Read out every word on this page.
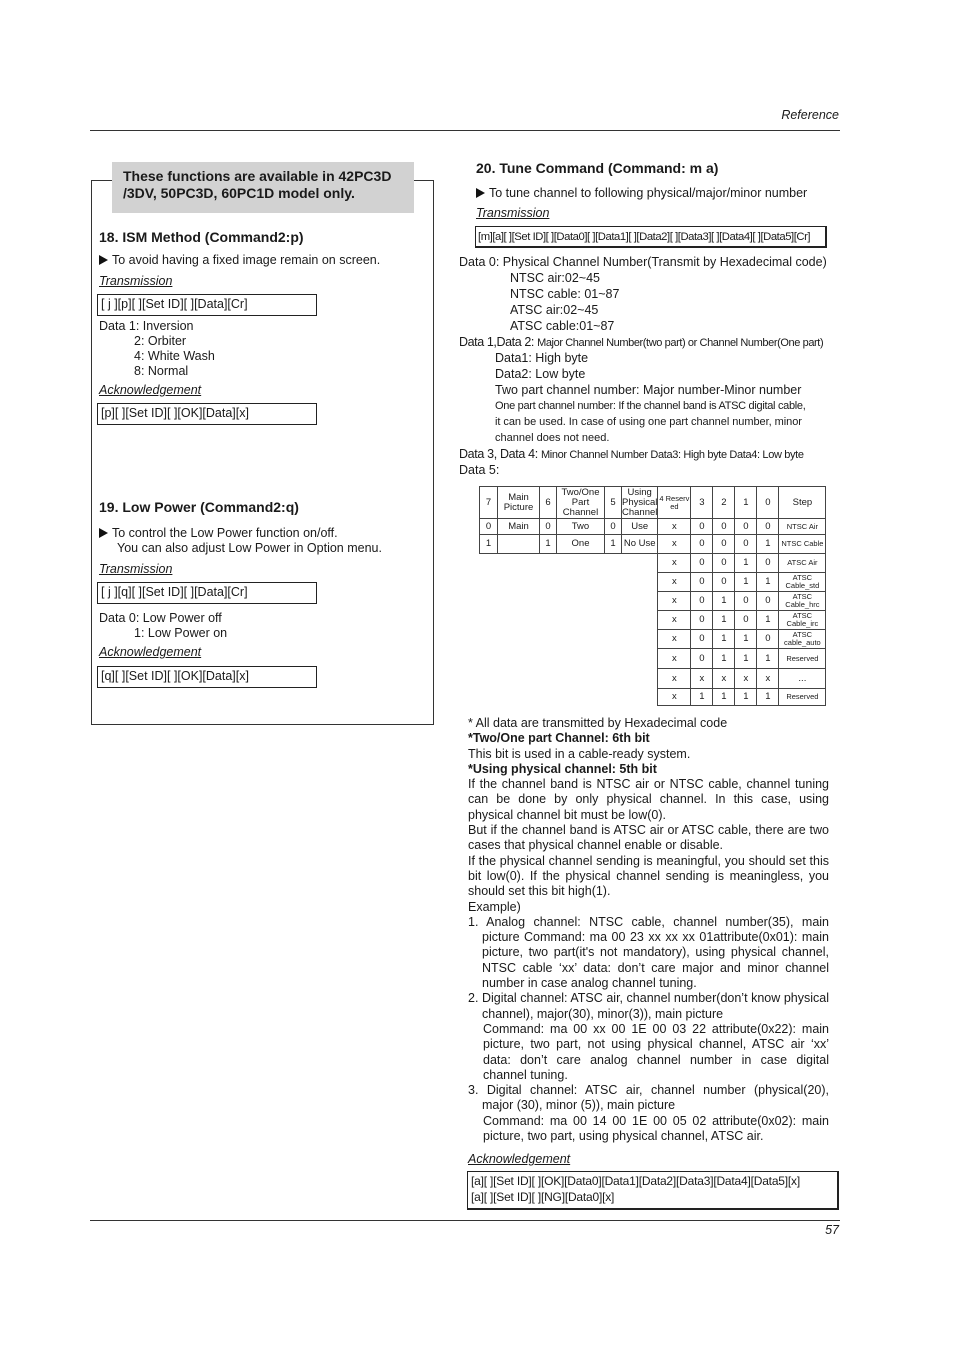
Reference
These functions are available in 42PC3D /3DV, 50PC3D, 60PC1D model only.
18. ISM Method (Command2:p)
To avoid having a fixed image remain on screen.
Transmission
[ j ][p][ ][Set ID][ ][Data][Cr]
Data 1: Inversion
2: Orbiter
4: White Wash
8: Normal
Acknowledgement
[p][ ][Set ID][ ][OK][Data][x]
19. Low Power (Command2:q)
To control the Low Power function on/off.
You can also adjust Low Power in Option menu.
Transmission
[ j ][q][ ][Set ID][ ][Data][Cr]
Data 0: Low Power off
1: Low Power on
Acknowledgement
[q][ ][Set ID][ ][OK][Data][x]
20. Tune Command (Command: m a)
To tune channel to following physical/major/minor number
Transmission
[m][a][ ][Set ID][ ][Data0][ ][Data1][ ][Data2][ ][Data3][ ][Data4][ ][Data5][Cr]
Data 0: Physical Channel Number(Transmit by Hexadecimal code)
NTSC air:02~45
NTSC cable: 01~87
ATSC air:02~45
ATSC cable:01~87
Data 1,Data 2: Major Channel Number(two part) or Channel Number(One part)
Data1: High byte
Data2: Low byte
Two part channel number: Major number-Minor number
One part channel number: If the channel band is ATSC digital cable,
it can be used. In case of using one part channel number, minor
channel does not need.
Data 3, Data 4: Minor Channel Number Data3: High byte Data4: Low byte
Data 5:
7	Main Picture	6	Two/One Part Channel	5	Using Physical Channel	4 Reserv ed	3	2	1	0	Step
0	Main	0	Two	0	Use	x	0	0	0	0	NTSC Air
1		1	One	1	No Use	x	0	0	0	1	NTSC Cable
						x	0	0	1	0	ATSC Air
						x	0	0	1	1	ATSC Cable_std
						x	0	1	0	0	ATSC Cable_hrc
						x	0	1	0	1	ATSC Cable_irc
						x	0	1	1	0	ATSC cable_auto
						x	0	1	1	1	Reserved
						x	x	x	x	x	...
						x	1	1	1	1	Reserved

* All data are transmitted by Hexadecimal code

*Two/One part Channel: 6th bit

This bit is used in a cable-ready system.

*Using physical channel: 5th bit

If the channel band is NTSC air or NTSC cable, channel tuning can be done by only physical channel. In this case, using physical channel bit must be low(0).

But if the channel band is ATSC air or ATSC cable, there are two cases that physical channel enable or disable.

If the physical channel sending is meaningful, you should set this bit low(0). If the physical channel sending is meaningless, you should set this bit high(1).

Example)

1. Analog channel: NTSC cable, channel number(35), main picture Command: ma 00 23 xx xx xx 01attribute(0x01): main picture, two part(it's not mandatory), using physical channel, NTSC cable ‘xx’ data: don’t care major and minor channel number in case analog channel tuning.

2. Digital channel: ATSC air, channel number(don’t know physical channel), major(30), minor(3)), main picture

Command: ma 00 xx 00 1E 00 03 22 attribute(0x22): main picture, two part, not using physical channel, ATSC air ‘xx’ data: don’t care analog channel number in case digital channel tuning.

3. Digital channel: ATSC air, channel number (physical(20), major (30), minor (5)), main picture

Command: ma 00 14 00 1E 00 05 02 attribute(0x02): main picture, two part, using physical channel, ATSC air.

Acknowledgement
[a][ ][Set ID][ ][OK][Data0][Data1][Data2][Data3][Data4][Data5][x]
[a][ ][Set ID][ ][NG][Data0][x]
57
